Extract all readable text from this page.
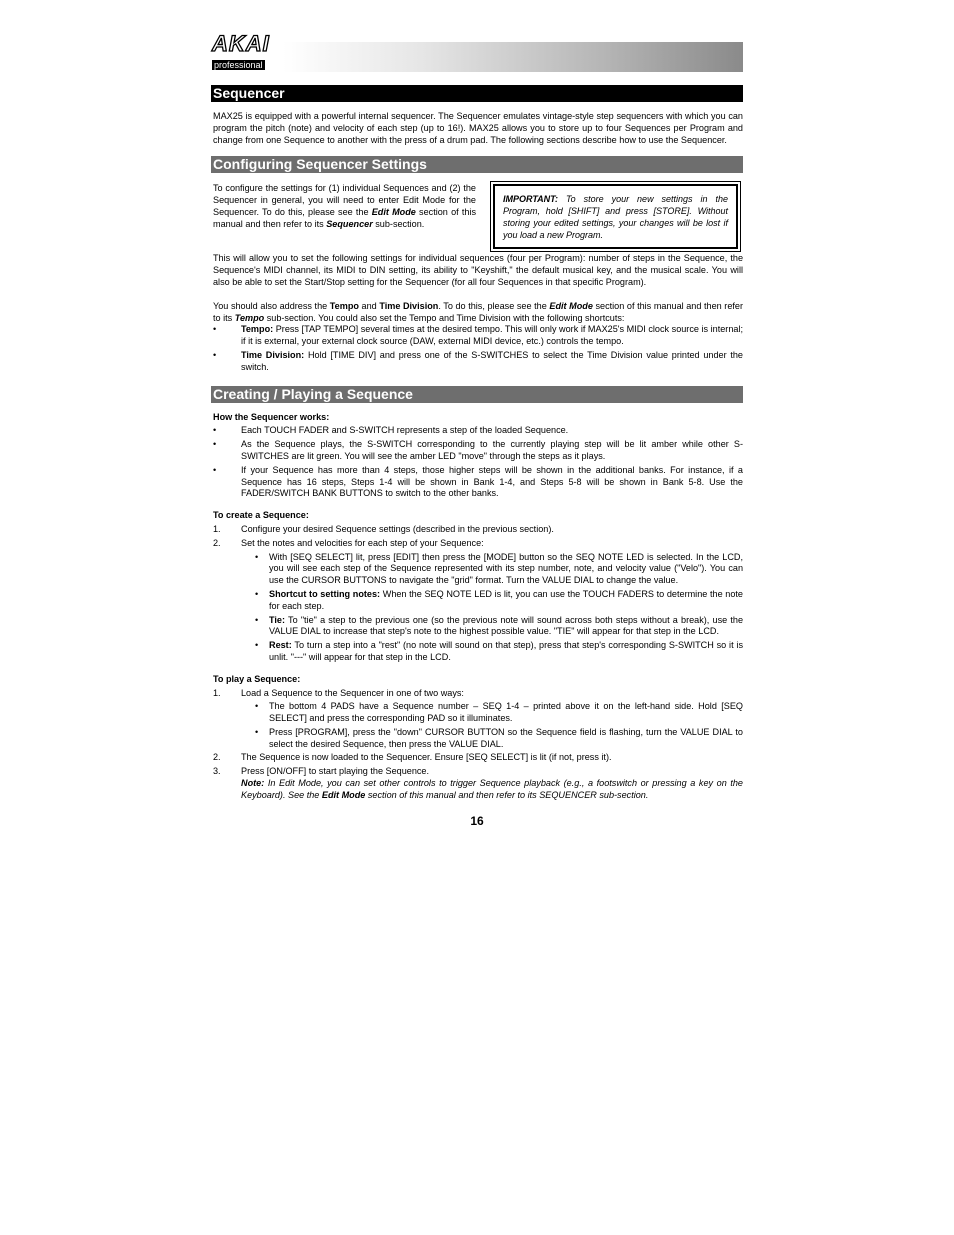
AKAI
professional
Sequencer

MAX25 is equipped with a powerful internal sequencer. The Sequencer emulates vintage-style step sequencers with which you can program the pitch (note) and velocity of each step (up to 16!). MAX25 allows you to store up to four Sequences per Program and change from one Sequence to another with the press of a drum pad. The following sections describe how to use the Sequencer.

Configuring Sequencer Settings
To configure the settings for (1) individual Sequences and (2) the Sequencer in general, you will need to enter Edit Mode for the Sequencer. To do this, please see the Edit Mode section of this manual and then refer to its Sequencer sub-section.
IMPORTANT: To store your new settings in the Program, hold [SHIFT] and press [STORE]. Without storing your edited settings, your changes will be lost if you load a new Program.

This will allow you to set the following settings for individual sequences (four per Program): number of steps in the Sequence, the Sequence's MIDI channel, its MIDI to DIN setting, its ability to "Keyshift," the default musical key, and the musical scale. You will also be able to set the Start/Stop setting for the Sequencer (for all four Sequences in that specific Program).

You should also address the Tempo and Time Division. To do this, please see the Edit Mode section of this manual and then refer to its Tempo sub-section. You could also set the Tempo and Time Division with the following shortcuts:

•	Tempo: Press [TAP TEMPO] several times at the desired tempo. This will only work if MAX25's MIDI clock source is internal; if it is external, your external clock source (DAW, external MIDI device, etc.) controls the tempo.
•	Time Division: Hold [TIME DIV] and press one of the S-SWITCHES to select the Time Division value printed under the switch.
Creating / Playing a Sequence

How the Sequencer works:

•	Each TOUCH FADER and S-SWITCH represents a step of the loaded Sequence.
•	As the Sequence plays, the S-SWITCH corresponding to the currently playing step will be lit amber while other S-SWITCHES are lit green. You will see the amber LED "move" through the steps as it plays.
•	If your Sequence has more than 4 steps, those higher steps will be shown in the additional banks. For instance, if a Sequence has 16 steps, Steps 1-4 will be shown in Bank 1-4, and Steps 5-8 will be shown in Bank 5-8. Use the FADER/SWITCH BANK BUTTONS to switch to the other banks.

To create a Sequence:

1. Configure your desired Sequence settings (described in the previous section).
2. Set the notes and velocities for each step of your Sequence:
• With [SEQ SELECT] lit, press [EDIT] then press the [MODE] button so the SEQ NOTE LED is selected. In the LCD, you will see each step of the Sequence represented with its step number, note, and velocity value ("Velo"). You can use the CURSOR BUTTONS to navigate the "grid" format. Turn the VALUE DIAL to change the value.
• Shortcut to setting notes: When the SEQ NOTE LED is lit, you can use the TOUCH FADERS to determine the note for each step.
• Tie: To "tie" a step to the previous one (so the previous note will sound across both steps without a break), use the VALUE DIAL to increase that step's note to the highest possible value. "TIE" will appear for that step in the LCD.
• Rest: To turn a step into a "rest" (no note will sound on that step), press that step's corresponding S-SWITCH so it is unlit. "---" will appear for that step in the LCD.

To play a Sequence:

1. Load a Sequence to the Sequencer in one of two ways:
• The bottom 4 PADS have a Sequence number – SEQ 1-4 – printed above it on the left-hand side. Hold [SEQ SELECT] and press the corresponding PAD so it illuminates.
• Press [PROGRAM], press the "down" CURSOR BUTTON so the Sequence field is flashing, turn the VALUE DIAL to select the desired Sequence, then press the VALUE DIAL.
2. The Sequence is now loaded to the Sequencer. Ensure [SEQ SELECT] is lit (if not, press it).
3. Press [ON/OFF] to start playing the Sequence.

Note: In Edit Mode, you can set other controls to trigger Sequence playback (e.g., a footswitch or pressing a key on the Keyboard). See the Edit Mode section of this manual and then refer to its SEQUENCER sub-section.

16
